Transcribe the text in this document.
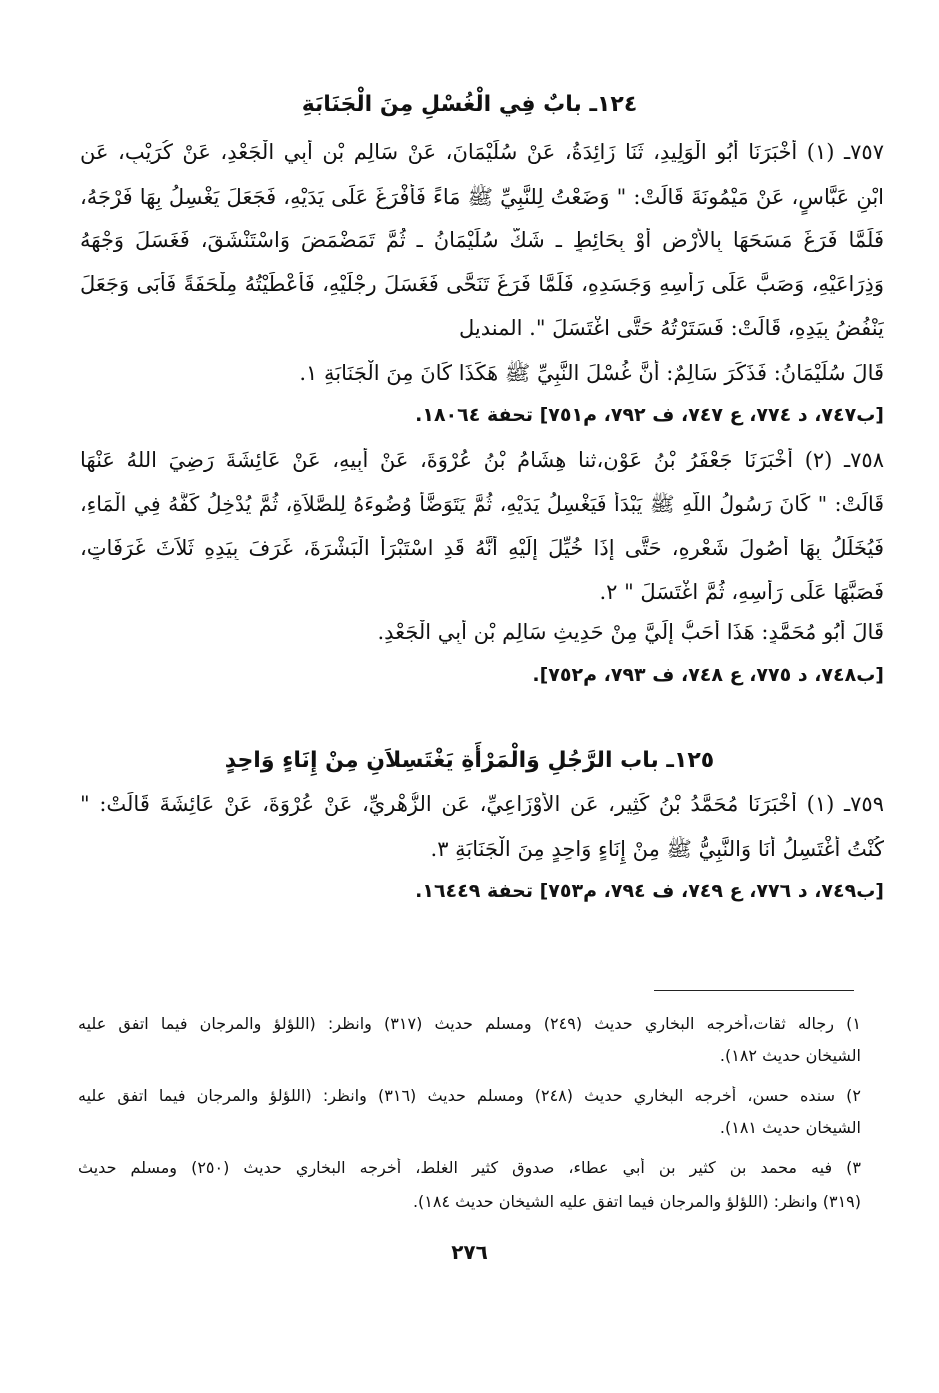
١٢٤ـ بابٌ فِي الْغُسْلِ مِنَ الْجَنَابَةِ
٧٥٧ـ (١) أَخْبَرَنَا أَبُو الْوَلِيدِ، ثَنَا زَائِدَةُ، عَنْ سُلَيْمَانَ، عَنْ سَالِمِ بْنِ أَبِي الْجَعْدِ، عَنْ كُرَيْبٍ، عَنِ
ابْنِ عَبَّاسٍ، عَنْ مَيْمُونَةَ قَالَتْ: " وَضَعْتُ لِلنَّبِيِّ ﷺ مَاءً فَأَفْرَغَ عَلَى يَدَيْهِ، فَجَعَلَ يَغْسِلُ بِهَا فَرْجَهُ،
فَلَمَّا فَرَغَ مَسَحَهَا بِالأَرْضِ أَوْ بِحَائِطٍ ـ شَكَّ سُلَيْمَانُ ـ ثُمَّ تَمَضْمَضَ وَاسْتَنْشَقَ، فَغَسَلَ وَجْهَهُ
وَذِرَاعَيْهِ، وَصَبَّ عَلَى رَأْسِهِ وَجَسَدِهِ، فَلَمَّا فَرَغَ تَنَحَّى فَغَسَلَ رِجْلَيْهِ، فَأَعْطَيْتُهُ مِلْحَفَةً فَأَبَى وَجَعَلَ
يَنْفُضُ بِيَدِهِ، قَالَتْ: فَسَتَرْتُهُ حَتَّى اغْتَسَلَ ". المنديل
قَالَ سُلَيْمَانُ: فَذَكَرَ سَالِمٌ: أَنَّ غُسْلَ النَّبِيِّ ﷺ هَكَذَا كَانَ مِنَ الْجَنَابَةِ ١.
[ب٧٤٧، د ٧٧٤، ع ٧٤٧، ف ٧٩٢، م٧٥١] تحفة ١٨٠٦٤.
٧٥٨ـ (٢) أَخْبَرَنَا جَعْفَرُ بْنُ عَوْنٍ،ثنا هِشَامُ بْنُ عُرْوَةَ، عَنْ أَبِيهِ، عَنْ عَائِشَةَ رَضِيَ اللهُ عَنْهَا
قَالَتْ: " كَانَ رَسُولُ اللَّهِ ﷺ يَبْدَأُ فَيَغْسِلُ يَدَيْهِ، ثُمَّ يَتَوَضَّأُ وُضُوءَهُ لِلصَّلاَةِ، ثُمَّ يُدْخِلُ كَفَّهُ فِي الْمَاءِ،
فَيُخَلِّلُ بِهَا أُصُولَ شَعْرِهِ، حَتَّى إِذَا خُيِّلَ إِلَيْهِ أَنَّهُ قَدِ اسْتَبْرَأَ الْبَشْرَةَ، غَرَفَ بِيَدِهِ ثَلاَثَ غَرَفَاتٍ،
فَصَبَّهَا عَلَى رَأْسِهِ، ثُمَّ اغْتَسَلَ " ٢.
قَالَ أَبُو مُحَمَّدٍ: هَذَا أَحَبُّ إِلَيَّ مِنْ حَدِيثِ سَالِمِ بْنِ أَبِي الْجَعْدِ.
[ب٧٤٨، د ٧٧٥، ع ٧٤٨، ف ٧٩٣، م٧٥٢].
١٢٥ـ باب الرَّجُلِ وَالْمَرْأَةِ يَغْتَسِلاَنِ مِنْ إِنَاءٍ وَاحِدٍ
٧٥٩ـ (١) أَخْبَرَنَا مُحَمَّدُ بْنُ كَثِيرٍ، عَنِ الأَوْزَاعِيِّ، عَنِ الزُّهْرِيِّ، عَنْ عُرْوَةَ، عَنْ عَائِشَةَ قَالَتْ: "
كُنْتُ أَغْتَسِلُ أَنَا وَالنَّبِيُّ ﷺ مِنْ إِنَاءٍ وَاحِدٍ مِنَ الْجَنَابَةِ ٣.
[ب٧٤٩، د ٧٧٦، ع ٧٤٩، ف ٧٩٤، م٧٥٣] تحفة ١٦٤٤٩.
١) رجاله ثقات،أخرجه البخاري حديث (٢٤٩) ومسلم حديث (٣١٧) وانظر: (اللؤلؤ والمرجان فيما اتفق عليه
الشيخان حديث ١٨٢).
٢) سنده حسن، أخرجه البخاري حديث (٢٤٨) ومسلم حديث (٣١٦) وانظر: (اللؤلؤ والمرجان فيما اتفق عليه
الشيخان حديث ١٨١).
٣) فيه محمد بن كثير بن أبي عطاء، صدوق كثير الغلط، أخرجه البخاري حديث (٢٥٠) ومسلم حديث
(٣١٩) وانظر: (اللؤلؤ والمرجان فيما اتفق عليه الشيخان حديث ١٨٤).
٢٧٦
